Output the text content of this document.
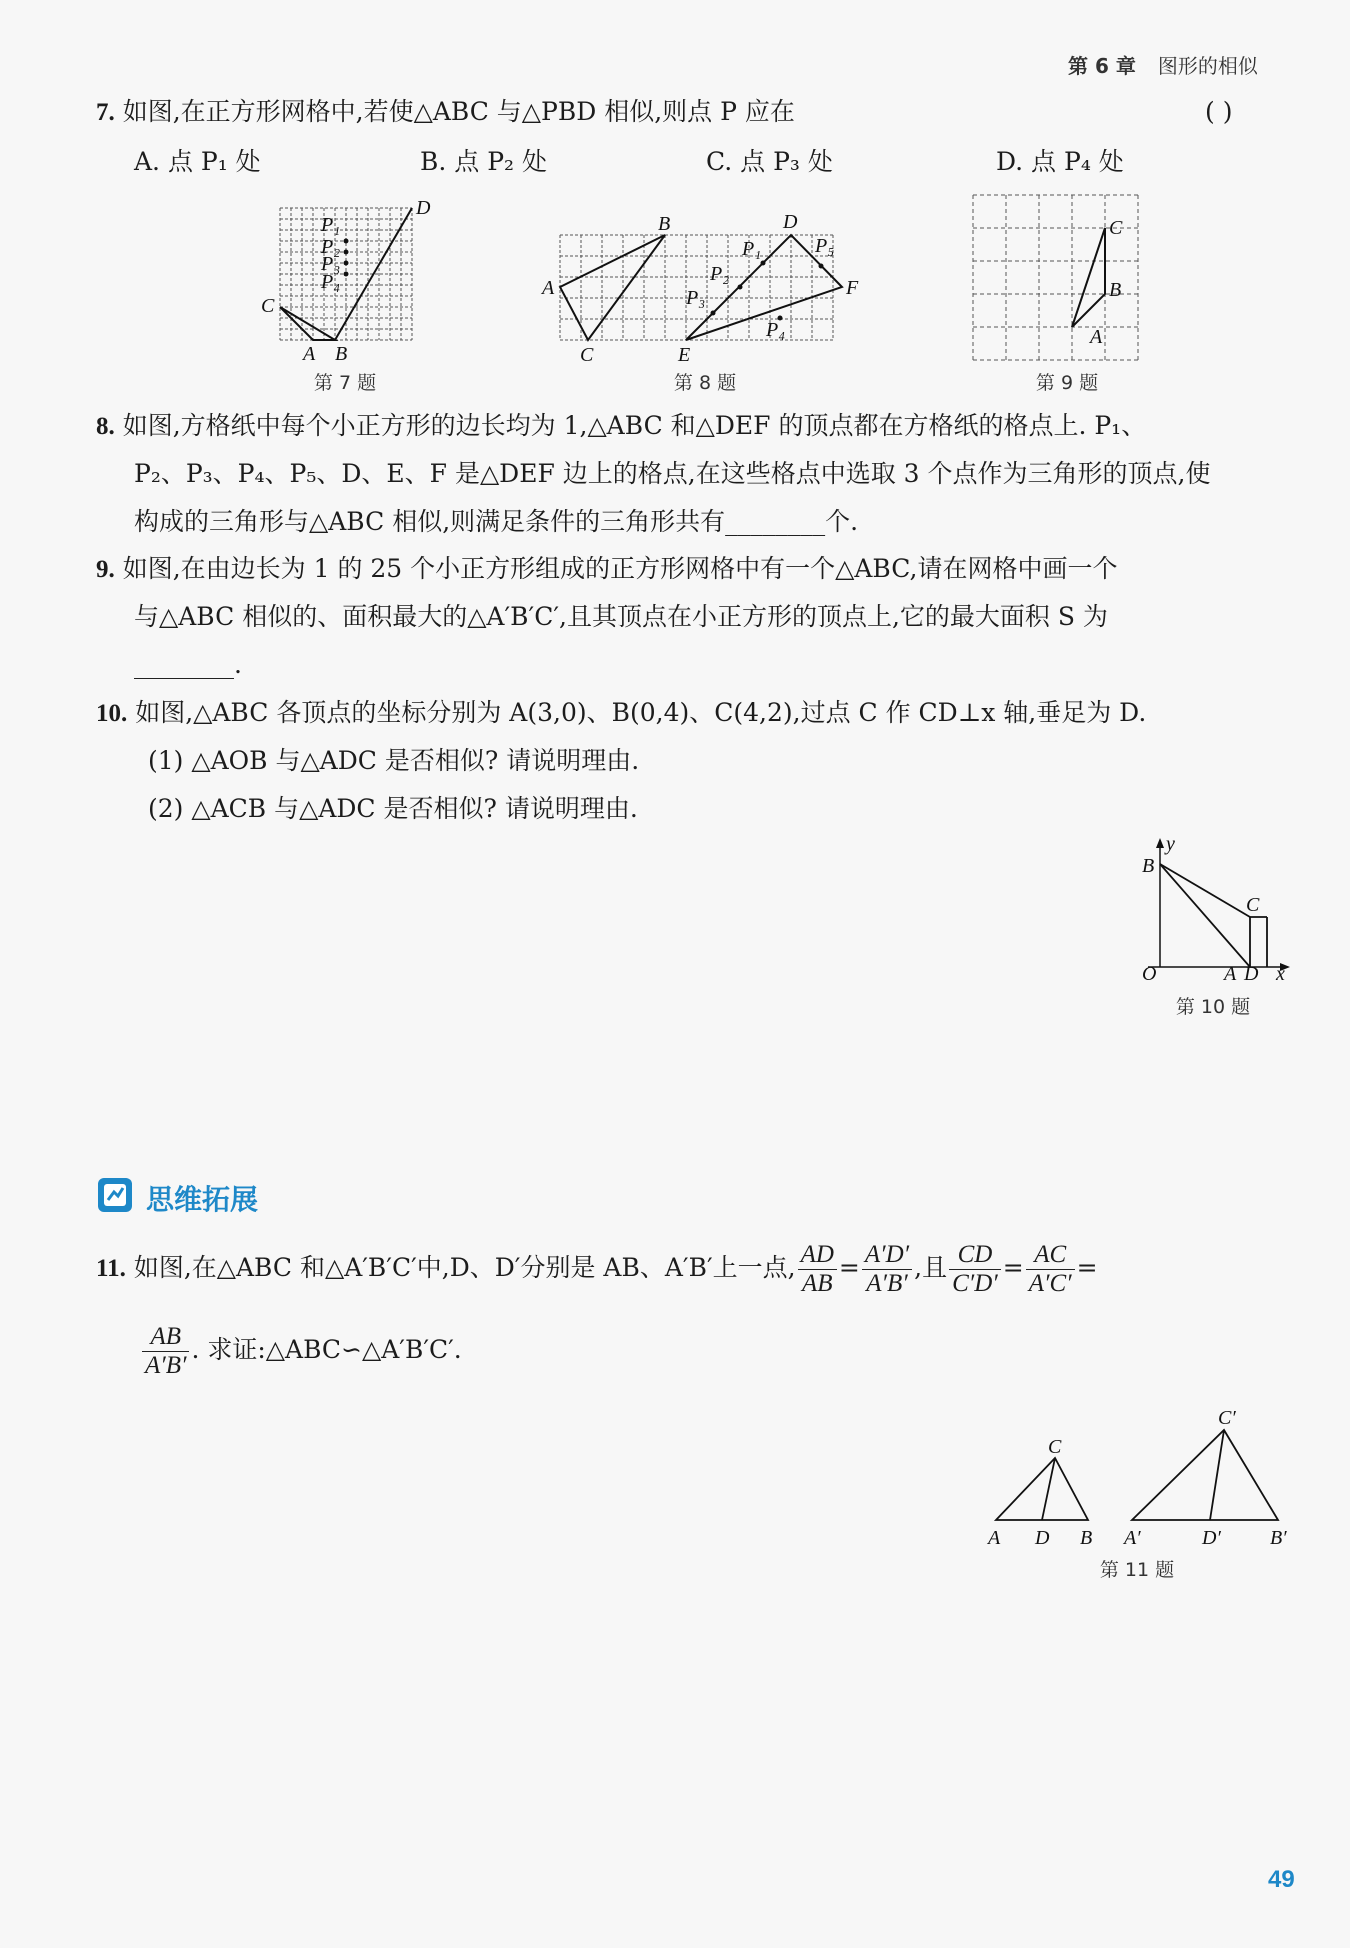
第 6 章 图形的相似
7. 如图,在正方形网格中,若使△ABC 与△PBD 相似,则点 P 应在	( )
A. 点 P₁ 处	B. 点 P₂ 处	C. 点 P₃ 处	D. 点 P₄ 处
D
P₁
P₂
P₃
P₄
C
A B
第 7 题
B	D
P₁	P₅
A
P₂
P₃	F
P₄
C	E
第 8 题
C
B
A
第 9 题
8. 如图,方格纸中每个小正方形的边长均为 1,△ABC 和△DEF 的顶点都在方格纸的格点上. P₁、
P₂、P₃、P₄、P₅、D、E、F 是△DEF 边上的格点,在这些格点中选取 3 个点作为三角形的顶点,使
构成的三角形与△ABC 相似,则满足条件的三角形共有________个.
9. 如图,在由边长为 1 的 25 个小正方形组成的正方形网格中有一个△ABC,请在网格中画一个
与△ABC 相似的、面积最大的△A′B′C′,且其顶点在小正方形的顶点上,它的最大面积 S 为
________.
10. 如图,△ABC 各顶点的坐标分别为 A(3,0)、B(0,4)、C(4,2),过点 C 作 CD⊥x 轴,垂足为 D.
(1) △AOB 与△ADC 是否相似? 请说明理由.
(2) △ACB 与△ADC 是否相似? 请说明理由.
y
B
C
O	A D x
第 10 题
思维拓展
11. 如图,在△ABC 和△A′B′C′中,D、D′分别是 AB、A′B′上一点, $\frac{AD}{AB} = \frac{A'D'}{A'B'}$ ,且 $\frac{CD}{C'D'} = \frac{AC}{A'C'}$ =
$\frac{AB}{A'B'}$ . 求证:△ABC∽△A′B′C′.
C
A D B
C′
A′	D′ B′
第 11 题
49
